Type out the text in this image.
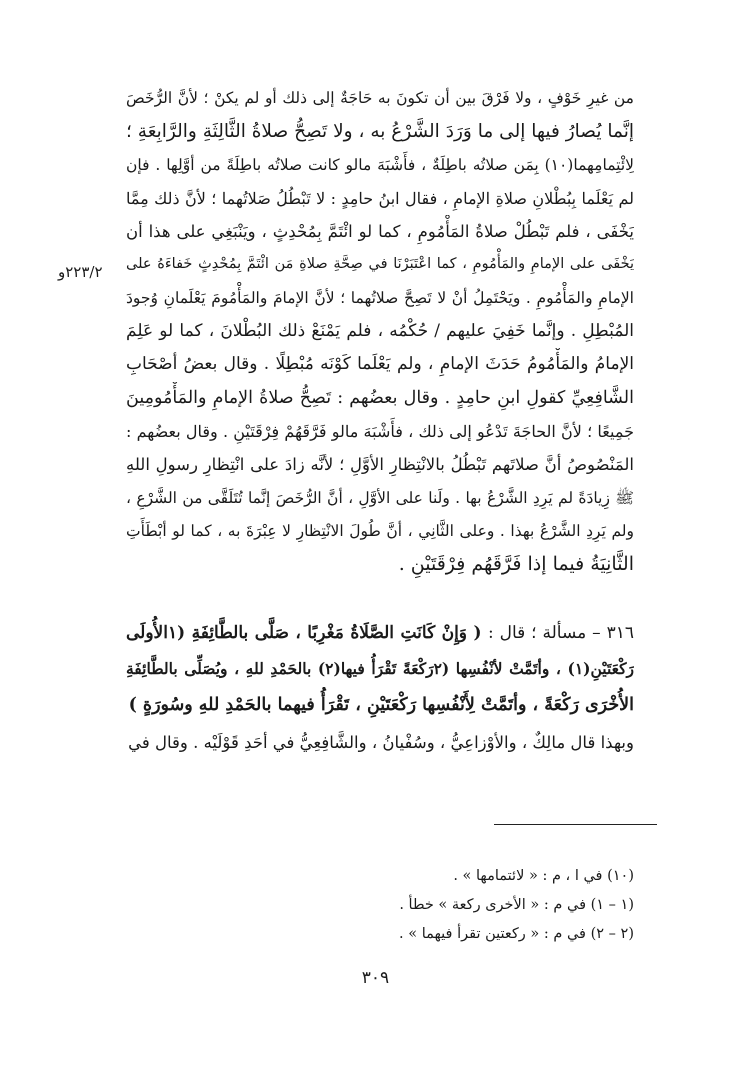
من غيرِ خَوْفٍ ، ولا فَرْقَ بين أن تكونَ به حَاجَةٌ إلى ذلك أو لم يكنْ ؛ لأنَّ الرُّخَصَ
إنَّما يُصارُ فيها إلى ما وَرَدَ الشَّرْعُ به ، ولا تَصِحُّ صلاةُ الثَّالِثَةِ والرَّابِعَةِ ؛
لِائْتِمامِهما(١٠) بِمَن صلاتُه باطِلَةٌ ، فأَشْبَهَ مالو كانت صلاتُه باطِلَةً من أوَّلِها . فإن
لم يَعْلَما بِبُطْلانِ صلاةِ الإمامِ ، فقال ابنُ حامِدٍ : لا تَبْطُلُ صَلاتُهما ؛ لأنَّ ذلك مِمَّا
يَخْفَى ، فلم تَبْطُلْ صلاةُ المَأْمُومِ ، كما لو ائْتَمَّ بِمُحْدِثٍ ، ويَنْبَغِي على هذا أن
يَخْفَى على الإمامِ والمَأْمُومِ ، كما اعْتَبَرْنَا في صِحَّةِ صلاةِ مَن ائْتَمَّ بِمُحْدِثٍ خَفاءَهُ على
الإمامِ والمَأْمُومِ . ويَحْتَمِلُ أنْ لا تَصِحَّ صلاتُهما ؛ لأنَّ الإمامَ والمَأْمُومَ يَعْلَمانِ وُجودَ
المُبْطِلِ . وإنَّما خَفِيَ عليهم / حُكْمُه ، فلم يَمْنَعْ ذلك البُطْلانَ ، كما لو عَلِمَ
الإمامُ والمَأْمُومُ حَدَثَ الإمامِ ، ولم يَعْلَما كَوْنَه مُبْطِلًا . وقال بعضُ أصْحَابِ
الشَّافِعِيِّ كقولِ ابنِ حامِدٍ . وقال بعضُهم : تَصِحُّ صلاةُ الإمامِ والمَأْمُومِينَ
جَمِيعًا ؛ لأنَّ الحاجَةَ تَدْعُو إلى ذلك ، فأَشْبَهَ مالو فَرَّقَهُمْ فِرْقَتَيْنِ . وقال بعضُهم :
المَنْصُوصُ أنَّ صلاتَهم تَبْطُلُ بالانْتِظارِ الأوَّلِ ؛ لأنَّه زادَ على انْتِظارِ رسولِ اللهِ
ﷺ زِيادَةً لم يَرِدِ الشَّرْعُ بها . ولَنا على الأوَّلِ ، أنَّ الرُّخَصَ إنَّما تُتَلَقَّى من الشَّرْعِ ،
ولم يَرِدِ الشَّرْعُ بهذا . وعلى الثَّانِي ، أنَّ طُولَ الانْتِظارِ لا عِبْرَةَ به ، كما لو أبْطَأَتِ
الثَّانِيَةُ فيما إذا فَرَّقَهُم فِرْقَتَيْنِ .
٢٢٣/٢و
٣١٦ – مسألة ؛ قال : ( وَإِنْ كَانَتِ الصَّلَاةُ مَغْرِبًا ، صَلَّى بالطَّائِفَةِ (١الأُولَى
رَكْعَتَيْنِ(١) ، وأتَمَّتْ لأنْفُسِها (٢رَكْعَةً تَقْرَأُ فيها(٢) بالحَمْدِ للهِ ، ويُصَلِّى بالطَّائِفَةِ
الأُخْرَى رَكْعَةً ، وأتَمَّتْ لِأَنْفُسِها رَكْعَتَيْنِ ، تَقْرَأُ فيهما بالحَمْدِ للهِ وسُورَةٍ )
وبهذا قال مالِكٌ ، والأوْزاعِيُّ ، وسُفْيانُ ، والشَّافِعِيُّ في أحَدِ قَوْلَيْه . وقال في
(١٠) في ا ، م : « لائتمامها » .
(١ – ١) في م : « الأخرى ركعة » خطأ .
(٢ – ٢) في م : « ركعتين تقرأ فيهما » .
٣٠٩
